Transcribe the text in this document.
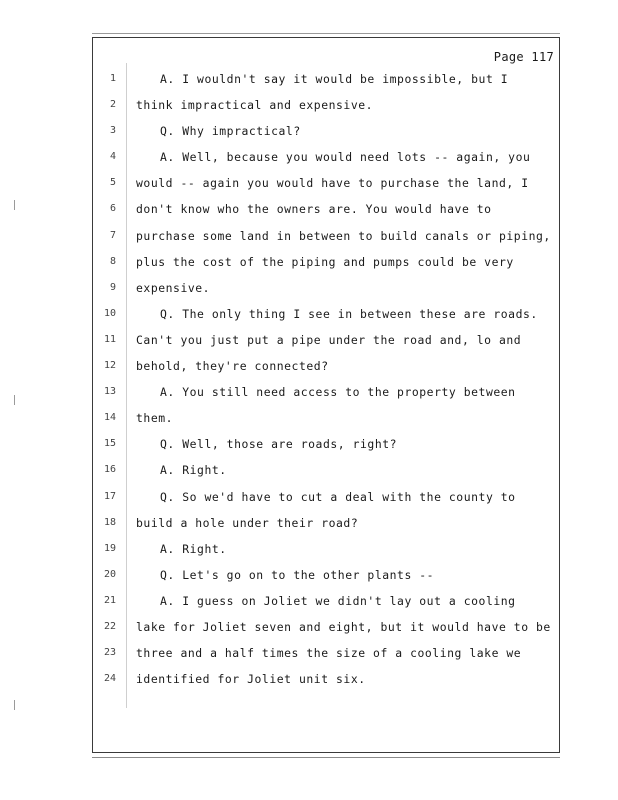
Page 117
1	A. I wouldn't say it would be impossible, but I
2 think impractical and expensive.
3	Q. Why impractical?
4	A. Well, because you would need lots -- again, you
5 would -- again you would have to purchase the land, I
6 don't know who the owners are. You would have to
7 purchase some land in between to build canals or piping,
8 plus the cost of the piping and pumps could be very
9 expensive.
10	Q. The only thing I see in between these are roads.
11 Can't you just put a pipe under the road and, lo and
12 behold, they're connected?
13	A. You still need access to the property between
14 them.
15	Q. Well, those are roads, right?
16	A. Right.
17	Q. So we'd have to cut a deal with the county to
18 build a hole under their road?
19	A. Right.
20	Q. Let's go on to the other plants --
21	A. I guess on Joliet we didn't lay out a cooling
22 lake for Joliet seven and eight, but it would have to be
23 three and a half times the size of a cooling lake we
24 identified for Joliet unit six.
